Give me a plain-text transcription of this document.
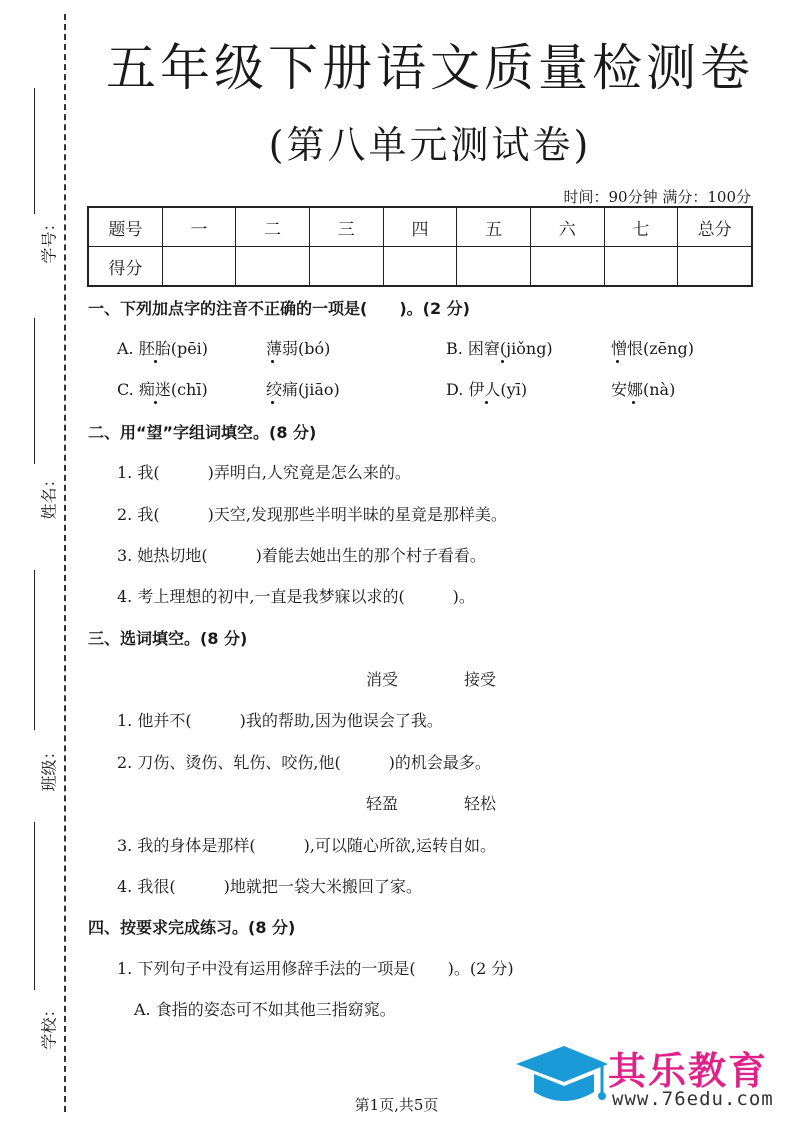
学号：
姓名：
班级：
学校：
五年级下册语文质量检测卷
(第八单元测试卷)
时间：90分钟 满分：100分
题号	一	二	三	四	五	六	七	总分
得分								
一、下列加点字的注音不正确的一项是(　　)。(2 分)
A. 胚胎(pēi)	薄弱(bó)	B. 困窘(jiǒng)	憎恨(zēng)
C. 痴迷(chī)	绞痛(jiāo)	D. 伊人(yī)	安娜(nà)
二、用“望”字组词填空。(8 分)
1. 我(　　　)弄明白,人究竟是怎么来的。
2. 我(　　　)天空,发现那些半明半昧的星竟是那样美。
3. 她热切地(　　　)着能去她出生的那个村子看看。
4. 考上理想的初中,一直是我梦寐以求的(　　　)。
三、选词填空。(8 分)
消受	接受
1. 他并不(　　　)我的帮助,因为他误会了我。
2. 刀伤、烫伤、轧伤、咬伤,他(　　　)的机会最多。
轻盈	轻松
3. 我的身体是那样(　　　),可以随心所欲,运转自如。
4. 我很(　　　)地就把一袋大米搬回了家。
四、按要求完成练习。(8 分)
1. 下列句子中没有运用修辞手法的一项是(　　)。(2 分)
A. 食指的姿态可不如其他三指窈窕。
第1页,共5页
其乐教育
www.76edu.com
